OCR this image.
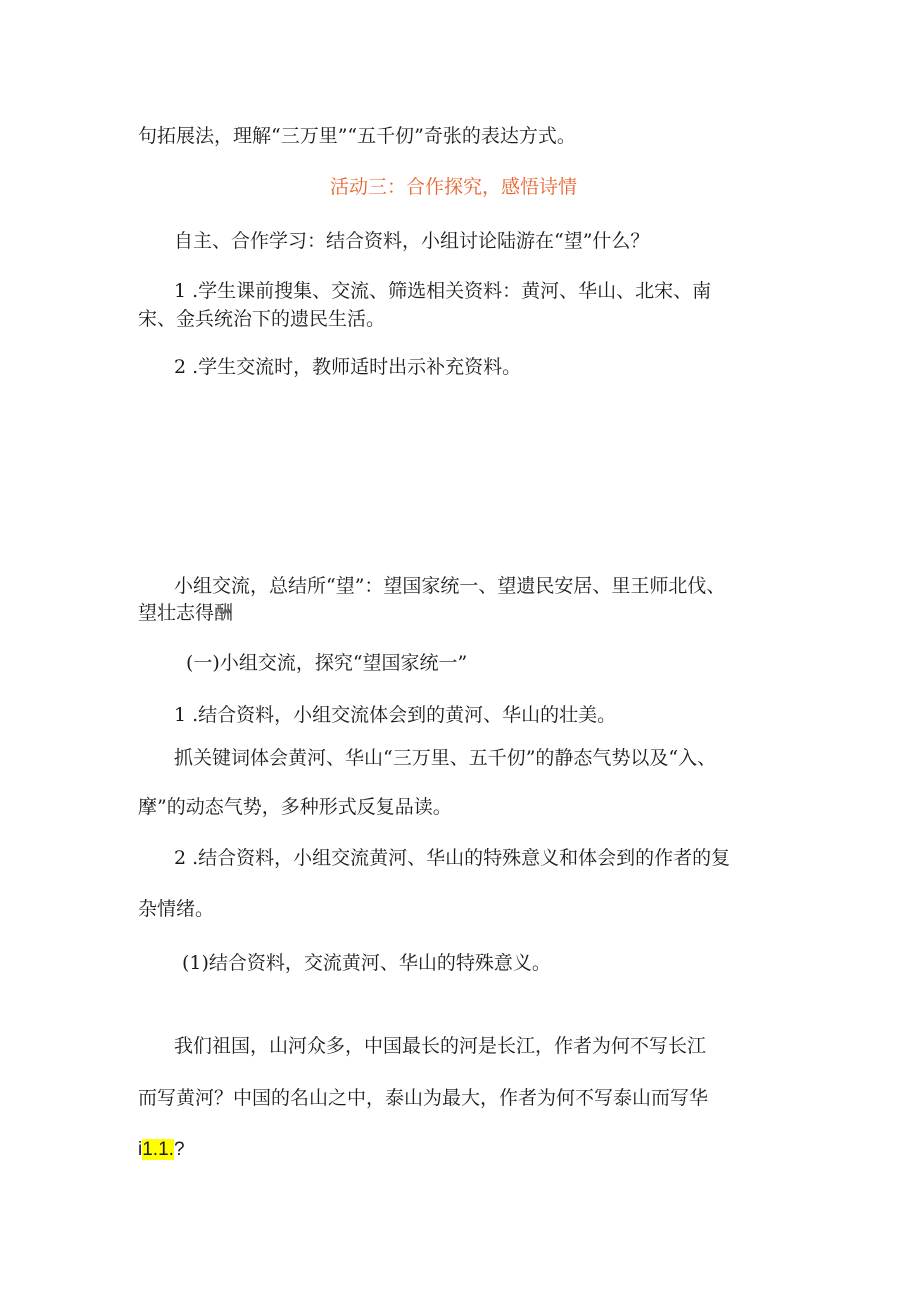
句拓展法，理解“三万里”“五千仞”奇张的表达方式。
活动三：合作探究，感悟诗情
自主、合作学习：结合资料，小组讨论陆游在“望”什么？
1 .学生课前搜集、交流、筛选相关资料：黄河、华山、北宋、南
宋、金兵统治下的遗民生活。
2 .学生交流时，教师适时出示补充资料。
小组交流，总结所“望”：望国家统一、望遗民安居、里王师北伐、
望壮志得酬
(一)小组交流，探究“望国家统一”
1 .结合资料，小组交流体会到的黄河、华山的壮美。
抓关键词体会黄河、华山“三万里、五千仞”的静态气势以及“入、
摩”的动态气势，多种形式反复品读。
2 .结合资料，小组交流黄河、华山的特殊意义和体会到的作者的复
杂情绪。
(1)结合资料，交流黄河、华山的特殊意义。
我们祖国，山河众多，中国最长的河是长江，作者为何不写长江
而写黄河？中国的名山之中，泰山为最大，作者为何不写泰山而写华
i1.1.?
